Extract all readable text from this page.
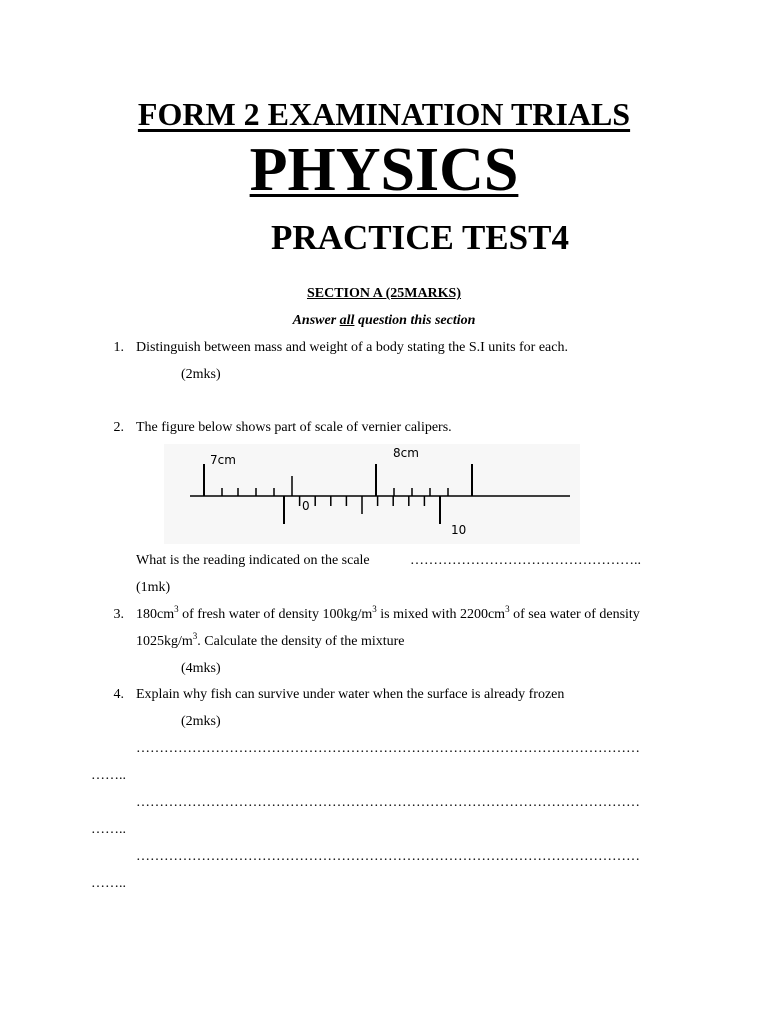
FORM 2 EXAMINATION TRIALS
PHYSICS
PRACTICE TEST4
SECTION A (25MARKS)
Answer all question this section
1. Distinguish between mass and weight of a body stating the S.I units for each.
(2mks)
2. The figure below shows part of scale of vernier calipers.
7cm	8cm
0
10
What is the reading indicated on the scale	…………………………………………..
(1mk)
3. $180cm^3$ of fresh water of density $100kg/m^3$ is mixed with $2200cm^3$ of sea water of density
$1025kg/m^3$. Calculate the density of the mixture
(4mks)
4. Explain why fish can survive under water when the surface is already frozen
(2mks)
………………………………………………………………………………………………
……..
………………………………………………………………………………………………
……..
………………………………………………………………………………………………
……..
